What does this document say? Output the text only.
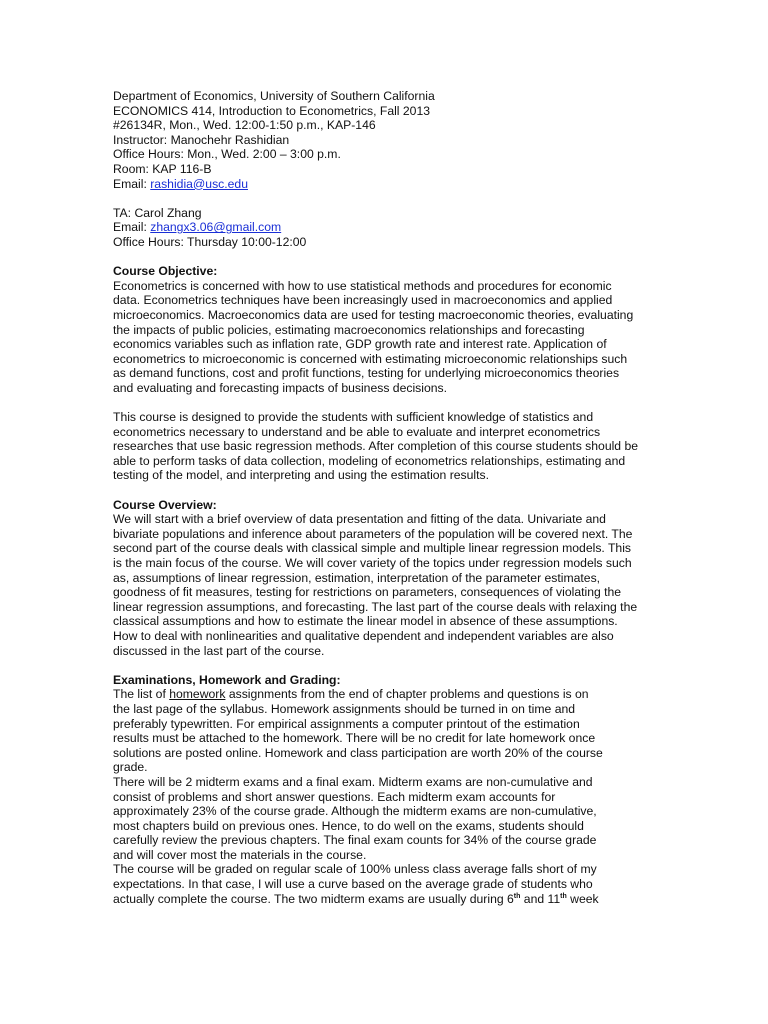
Department of Economics, University of Southern California
ECONOMICS 414, Introduction to Econometrics, Fall 2013
#26134R, Mon., Wed. 12:00-1:50 p.m., KAP-146
Instructor: Manochehr Rashidian
Office Hours: Mon., Wed. 2:00 – 3:00 p.m.
Room: KAP 116-B
Email: rashidia@usc.edu
TA: Carol Zhang
Email: zhangx3.06@gmail.com
Office Hours: Thursday 10:00-12:00
Course Objective:
Econometrics is concerned with how to use statistical methods and procedures for economic
data. Econometrics techniques have been increasingly used in macroeconomics and applied
microeconomics. Macroeconomics data are used for testing macroeconomic theories, evaluating
the impacts of public policies, estimating macroeconomics relationships and forecasting
economics variables such as inflation rate, GDP growth rate and interest rate. Application of
econometrics to microeconomic is concerned with estimating microeconomic relationships such
as demand functions, cost and profit functions, testing for underlying microeconomics theories
and evaluating and forecasting impacts of business decisions.
This course is designed to provide the students with sufficient knowledge of statistics and
econometrics necessary to understand and be able to evaluate and interpret econometrics
researches that use basic regression methods. After completion of this course students should be
able to perform tasks of data collection, modeling of econometrics relationships, estimating and
testing of the model, and interpreting and using the estimation results.
Course Overview:
We will start with a brief overview of data presentation and fitting of the data. Univariate and
bivariate populations and inference about parameters of the population will be covered next. The
second part of the course deals with classical simple and multiple linear regression models. This
is the main focus of the course. We will cover variety of the topics under regression models such
as, assumptions of linear regression, estimation, interpretation of the parameter estimates,
goodness of fit measures, testing for restrictions on parameters, consequences of violating the
linear regression assumptions, and forecasting. The last part of the course deals with relaxing the
classical assumptions and how to estimate the linear model in absence of these assumptions.
How to deal with nonlinearities and qualitative dependent and independent variables are also
discussed in the last part of the course.
Examinations, Homework and Grading:
The list of homework assignments from the end of chapter problems and questions is on
the last page of the syllabus. Homework assignments should be turned in on time and
preferably typewritten. For empirical assignments a computer printout of the estimation
results must be attached to the homework. There will be no credit for late homework once
solutions are posted online. Homework and class participation are worth 20% of the course
grade.
There will be 2 midterm exams and a final exam. Midterm exams are non-cumulative and
consist of problems and short answer questions. Each midterm exam accounts for
approximately 23% of the course grade. Although the midterm exams are non-cumulative,
most chapters build on previous ones. Hence, to do well on the exams, students should
carefully review the previous chapters. The final exam counts for 34% of the course grade
and will cover most the materials in the course.
The course will be graded on regular scale of 100% unless class average falls short of my
expectations. In that case, I will use a curve based on the average grade of students who
actually complete the course. The two midterm exams are usually during 6th and 11th week
